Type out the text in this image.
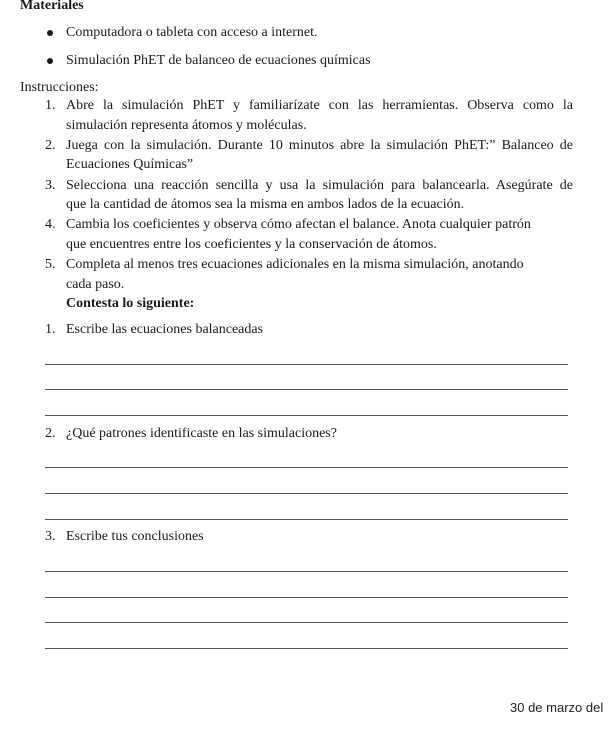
Materiales
Computadora o tableta con acceso a internet.
Simulación PhET de balanceo de ecuaciones químicas
Instrucciones:
1. Abre la simulación PhET y familiarízate con las herramientas. Observa como la
simulación representa átomos y moléculas.
2. Juega con la simulación. Durante 10 minutos abre la simulación PhET:” Balanceo de
Ecuaciones Químicas”
3. Selecciona una reacción sencilla y usa la simulación para balancearla. Asegúrate de
que la cantidad de átomos sea la misma en ambos lados de la ecuación.
4. Cambia los coeficientes y observa cómo afectan el balance. Anota cualquier patrón
que encuentres entre los coeficientes y la conservación de átomos.
5. Completa al menos tres ecuaciones adicionales en la misma simulación, anotando
cada paso.
Contesta lo siguiente:
1. Escribe las ecuaciones balanceadas
2. ¿Qué patrones identificaste en las simulaciones?
3. Escribe tus conclusiones
30 de marzo del
